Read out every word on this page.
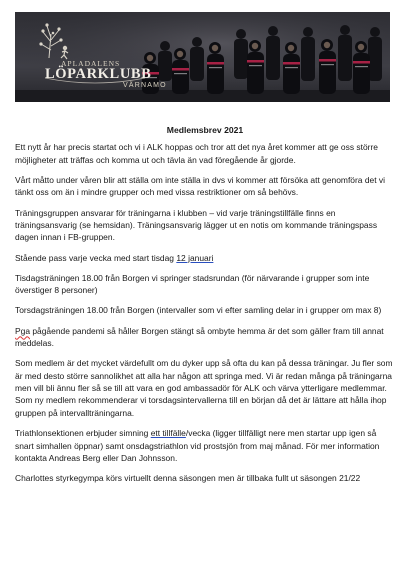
APLADALENS
LÖPARKLUBB
VÄRNAMO
Medlemsbrev 2021

Ett nytt år har precis startat och vi i ALK hoppas och tror att det nya året kommer att ge oss större möjligheter att träffas och komma ut och tävla än vad föregående år gjorde.

Vårt måtto under våren blir att ställa om inte ställa in dvs vi kommer att försöka att genomföra det vi tänkt oss om än i mindre grupper och med vissa restriktioner om så behövs.

Träningsgruppen ansvarar för träningarna i klubben – vid varje träningstillfälle finns en träningsansvarig (se hemsidan). Träningsansvarig lägger ut en notis om kommande träningspass dagen innan i FB-gruppen.

Stående pass varje vecka med start tisdag 12 januari

Tisdagsträningen 18.00 från Borgen vi springer stadsrundan (för närvarande i grupper som inte överstiger 8 personer)

Torsdagsträningen 18.00 från Borgen (intervaller som vi efter samling delar in i grupper om max 8)

Pga pågående pandemi så håller Borgen stängt så ombyte hemma är det som gäller fram till annat meddelas.

Som medlem är det mycket värdefullt om du dyker upp så ofta du kan på dessa träningar. Ju fler som är med desto större sannolikhet att alla har någon att springa med. Vi är redan många på träningarna men vill bli ännu fler så se till att vara en god ambassadör för ALK och värva ytterligare medlemmar. Som ny medlem rekommenderar vi torsdagsintervallerna till en början då det är lättare att hålla ihop gruppen på intervallträningarna.

Triathlonsektionen erbjuder simning ett tillfälle/vecka (ligger tillfälligt nere men startar upp igen så snart simhallen öppnar) samt onsdagstriathlon vid prostsjön from maj månad. För mer information kontakta Andreas Berg eller Dan Johnsson.

Charlottes styrkegympa körs virtuellt denna säsongen men är tillbaka fullt ut säsongen 21/22
